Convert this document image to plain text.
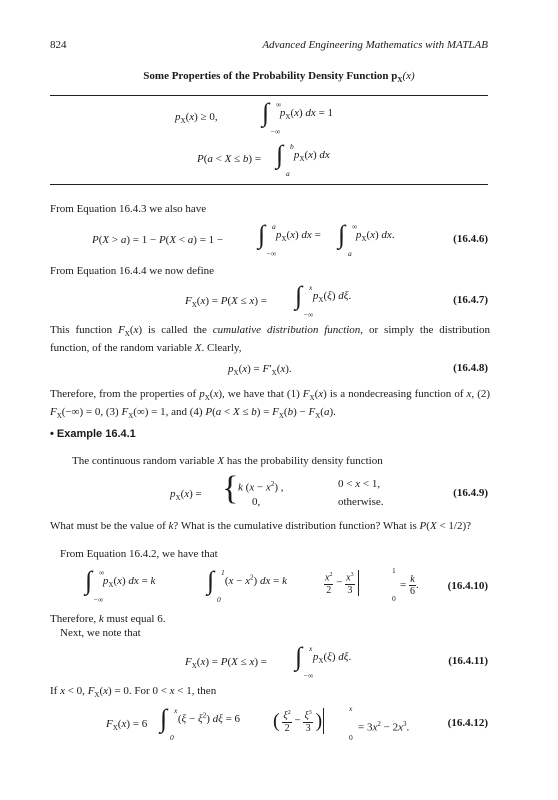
824	Advanced Engineering Mathematics with MATLAB
Some Properties of the Probability Density Function $p_X(x)$
$p_X(x) \ge 0$, ∫ ∞
−∞
$p_X(x)$ dx = 1
P(a < X ≤ b) = ∫ b
a
$p_X(x)$ dx
From Equation 16.4.3 we also have
P(X > a) = 1 − P(X < a) = 1 − ∫ a
−∞
$p_X(x)$ dx = ∫ ∞
a
$p_X(x)$ dx.	(16.4.6)
From Equation 16.4.4 we now define
$F_X(x) = P(X \le x)$ = ∫ x
−∞
$p_X(\xi)$ dξ.	(16.4.7)
This function $F_X(x)$ is called the cumulative distribution function, or simply the distribution function, of the random variable X. Clearly,
$p_X(x) = F'_X(x)$.	(16.4.8)
Therefore, from the properties of $p_X(x)$, we have that (1) $F_X(x)$ is a nondecreasing function of x, (2) $F_X(-\infty) = 0$, (3) $F_X(\infty) = 1$, and (4) $P(a < X \le b) = F_X(b) - F_X(a)$.
• Example 16.4.1
The continuous random variable X has the probability density function
$p_X(x)$ = { k $(x - x^2)$ ,	0 < x < 1,
0,	otherwise.
(16.4.9)
What must be the value of k? What is the cumulative distribution function? What is P(X < 1/2)?
From Equation 16.4.2, we have that
∫ ∞
−∞
$p_X(x)$ dx = k ∫ 1
0
$(x - x^2)$ dx = k	$\frac{x^2}{2} - \frac{x^3}{3}$
	1
0
= $\frac{k}{6}$ .	(16.4.10)
Therefore, k must equal 6.
Next, we note that
$F_X(x) = P(X \le x)$ = ∫ x
−∞
$p_X(\xi)$ dξ.	(16.4.11)
If x < 0, $F_X(x) = 0$. For 0 < x < 1, then
$F_X(x) = 6$ ∫ x
0
$(\xi - \xi^2)$ dξ = 6 ( $\frac{\xi^2}{2} - \frac{\xi^3}{3}$ )
x
0
= $3x^2 - 2x^3$.	(16.4.12)
